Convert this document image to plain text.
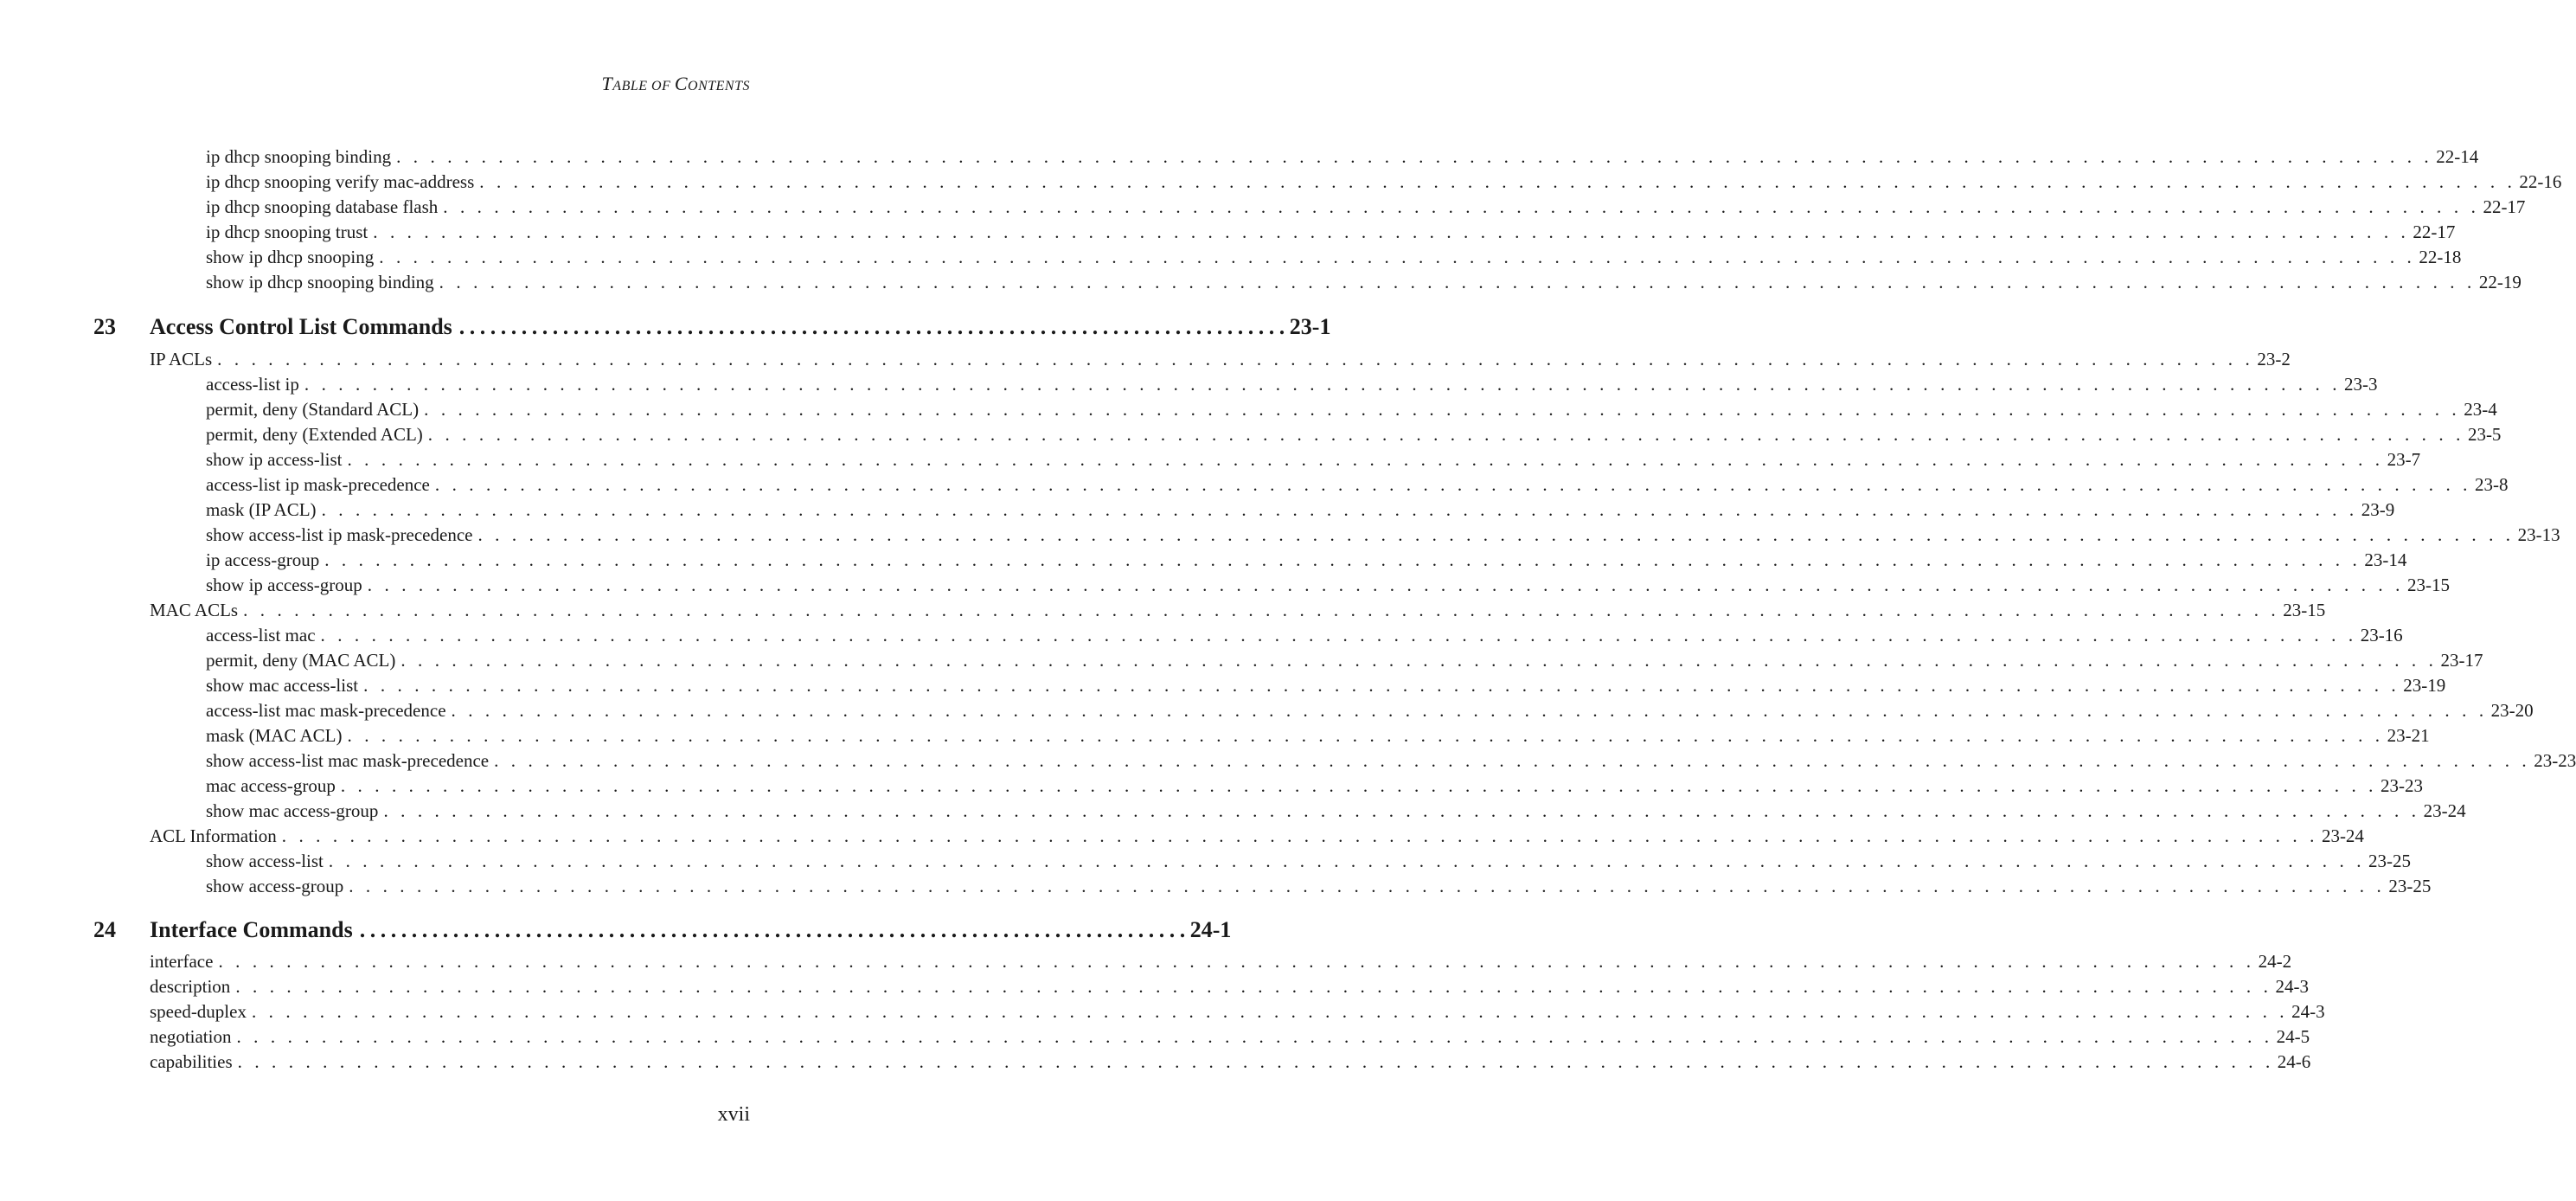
TABLE OF CONTENTS
ip dhcp snooping binding . . . . . . . . . . . . . . . . . . . . . . . . . . . . . . . . . . . . . . . . . . . . . . . . . . . . . . . . . . . . . . . . . . . . . . . . . . . . . . . . . . . . . . . . . . . . . . . . . . . . . . . . . . . . . . . . . . . . . . . . 22-14
ip dhcp snooping verify mac-address . . . . . . . . . . . . . . . . . . . . . . . . . . . . . . . . . . . . . . . . . . . . . . . . . . . . . . . . . . . . . . . . . . . . . . . . . . . . . . . . . . . . . . . . . . . . . . . . . . . . . . . . . . . . . . . . . . . . . . . . 22-16
ip dhcp snooping database flash . . . . . . . . . . . . . . . . . . . . . . . . . . . . . . . . . . . . . . . . . . . . . . . . . . . . . . . . . . . . . . . . . . . . . . . . . . . . . . . . . . . . . . . . . . . . . . . . . . . . . . . . . . . . . . . . . . . . . . . . 22-17
ip dhcp snooping trust . . . . . . . . . . . . . . . . . . . . . . . . . . . . . . . . . . . . . . . . . . . . . . . . . . . . . . . . . . . . . . . . . . . . . . . . . . . . . . . . . . . . . . . . . . . . . . . . . . . . . . . . . . . . . . . . . . . . . . . . 22-17
show ip dhcp snooping . . . . . . . . . . . . . . . . . . . . . . . . . . . . . . . . . . . . . . . . . . . . . . . . . . . . . . . . . . . . . . . . . . . . . . . . . . . . . . . . . . . . . . . . . . . . . . . . . . . . . . . . . . . . . . . . . . . . . . . . 22-18
show ip dhcp snooping binding . . . . . . . . . . . . . . . . . . . . . . . . . . . . . . . . . . . . . . . . . . . . . . . . . . . . . . . . . . . . . . . . . . . . . . . . . . . . . . . . . . . . . . . . . . . . . . . . . . . . . . . . . . . . . . . . . . . . . . . . 22-19
23	Access Control List Commands ................................................................................ 23-1
IP ACLs . . . . . . . . . . . . . . . . . . . . . . . . . . . . . . . . . . . . . . . . . . . . . . . . . . . . . . . . . . . . . . . . . . . . . . . . . . . . . . . . . . . . . . . . . . . . . . . . . . . . . . . . . . . . . . . . . . . . . . . . 23-2
access-list ip . . . . . . . . . . . . . . . . . . . . . . . . . . . . . . . . . . . . . . . . . . . . . . . . . . . . . . . . . . . . . . . . . . . . . . . . . . . . . . . . . . . . . . . . . . . . . . . . . . . . . . . . . . . . . . . . . . . . . . . . 23-3
permit, deny (Standard ACL) . . . . . . . . . . . . . . . . . . . . . . . . . . . . . . . . . . . . . . . . . . . . . . . . . . . . . . . . . . . . . . . . . . . . . . . . . . . . . . . . . . . . . . . . . . . . . . . . . . . . . . . . . . . . . . . . . . . . . . . . 23-4
permit, deny (Extended ACL) . . . . . . . . . . . . . . . . . . . . . . . . . . . . . . . . . . . . . . . . . . . . . . . . . . . . . . . . . . . . . . . . . . . . . . . . . . . . . . . . . . . . . . . . . . . . . . . . . . . . . . . . . . . . . . . . . . . . . . . . 23-5
show ip access-list . . . . . . . . . . . . . . . . . . . . . . . . . . . . . . . . . . . . . . . . . . . . . . . . . . . . . . . . . . . . . . . . . . . . . . . . . . . . . . . . . . . . . . . . . . . . . . . . . . . . . . . . . . . . . . . . . . . . . . . . 23-7
access-list ip mask-precedence . . . . . . . . . . . . . . . . . . . . . . . . . . . . . . . . . . . . . . . . . . . . . . . . . . . . . . . . . . . . . . . . . . . . . . . . . . . . . . . . . . . . . . . . . . . . . . . . . . . . . . . . . . . . . . . . . . . . . . . . 23-8
mask (IP ACL) . . . . . . . . . . . . . . . . . . . . . . . . . . . . . . . . . . . . . . . . . . . . . . . . . . . . . . . . . . . . . . . . . . . . . . . . . . . . . . . . . . . . . . . . . . . . . . . . . . . . . . . . . . . . . . . . . . . . . . . . 23-9
show access-list ip mask-precedence . . . . . . . . . . . . . . . . . . . . . . . . . . . . . . . . . . . . . . . . . . . . . . . . . . . . . . . . . . . . . . . . . . . . . . . . . . . . . . . . . . . . . . . . . . . . . . . . . . . . . . . . . . . . . . . . . . . . . . . . 23-13
ip access-group . . . . . . . . . . . . . . . . . . . . . . . . . . . . . . . . . . . . . . . . . . . . . . . . . . . . . . . . . . . . . . . . . . . . . . . . . . . . . . . . . . . . . . . . . . . . . . . . . . . . . . . . . . . . . . . . . . . . . . . . 23-14
show ip access-group . . . . . . . . . . . . . . . . . . . . . . . . . . . . . . . . . . . . . . . . . . . . . . . . . . . . . . . . . . . . . . . . . . . . . . . . . . . . . . . . . . . . . . . . . . . . . . . . . . . . . . . . . . . . . . . . . . . . . . . . 23-15
MAC ACLs . . . . . . . . . . . . . . . . . . . . . . . . . . . . . . . . . . . . . . . . . . . . . . . . . . . . . . . . . . . . . . . . . . . . . . . . . . . . . . . . . . . . . . . . . . . . . . . . . . . . . . . . . . . . . . . . . . . . . . . . 23-15
access-list mac . . . . . . . . . . . . . . . . . . . . . . . . . . . . . . . . . . . . . . . . . . . . . . . . . . . . . . . . . . . . . . . . . . . . . . . . . . . . . . . . . . . . . . . . . . . . . . . . . . . . . . . . . . . . . . . . . . . . . . . . 23-16
permit, deny (MAC ACL) . . . . . . . . . . . . . . . . . . . . . . . . . . . . . . . . . . . . . . . . . . . . . . . . . . . . . . . . . . . . . . . . . . . . . . . . . . . . . . . . . . . . . . . . . . . . . . . . . . . . . . . . . . . . . . . . . . . . . . . . 23-17
show mac access-list . . . . . . . . . . . . . . . . . . . . . . . . . . . . . . . . . . . . . . . . . . . . . . . . . . . . . . . . . . . . . . . . . . . . . . . . . . . . . . . . . . . . . . . . . . . . . . . . . . . . . . . . . . . . . . . . . . . . . . . . 23-19
access-list mac mask-precedence . . . . . . . . . . . . . . . . . . . . . . . . . . . . . . . . . . . . . . . . . . . . . . . . . . . . . . . . . . . . . . . . . . . . . . . . . . . . . . . . . . . . . . . . . . . . . . . . . . . . . . . . . . . . . . . . . . . . . . . . 23-20
mask (MAC ACL) . . . . . . . . . . . . . . . . . . . . . . . . . . . . . . . . . . . . . . . . . . . . . . . . . . . . . . . . . . . . . . . . . . . . . . . . . . . . . . . . . . . . . . . . . . . . . . . . . . . . . . . . . . . . . . . . . . . . . . . . 23-21
show access-list mac mask-precedence . . . . . . . . . . . . . . . . . . . . . . . . . . . . . . . . . . . . . . . . . . . . . . . . . . . . . . . . . . . . . . . . . . . . . . . . . . . . . . . . . . . . . . . . . . . . . . . . . . . . . . . . . . . . . . . . . . . . . . . . 23-23
mac access-group . . . . . . . . . . . . . . . . . . . . . . . . . . . . . . . . . . . . . . . . . . . . . . . . . . . . . . . . . . . . . . . . . . . . . . . . . . . . . . . . . . . . . . . . . . . . . . . . . . . . . . . . . . . . . . . . . . . . . . . . 23-23
show mac access-group . . . . . . . . . . . . . . . . . . . . . . . . . . . . . . . . . . . . . . . . . . . . . . . . . . . . . . . . . . . . . . . . . . . . . . . . . . . . . . . . . . . . . . . . . . . . . . . . . . . . . . . . . . . . . . . . . . . . . . . . 23-24
ACL Information . . . . . . . . . . . . . . . . . . . . . . . . . . . . . . . . . . . . . . . . . . . . . . . . . . . . . . . . . . . . . . . . . . . . . . . . . . . . . . . . . . . . . . . . . . . . . . . . . . . . . . . . . . . . . . . . . . . . . . . . 23-24
show access-list . . . . . . . . . . . . . . . . . . . . . . . . . . . . . . . . . . . . . . . . . . . . . . . . . . . . . . . . . . . . . . . . . . . . . . . . . . . . . . . . . . . . . . . . . . . . . . . . . . . . . . . . . . . . . . . . . . . . . . . . 23-25
show access-group . . . . . . . . . . . . . . . . . . . . . . . . . . . . . . . . . . . . . . . . . . . . . . . . . . . . . . . . . . . . . . . . . . . . . . . . . . . . . . . . . . . . . . . . . . . . . . . . . . . . . . . . . . . . . . . . . . . . . . . . 23-25
24	Interface Commands ................................................................................ 24-1
interface . . . . . . . . . . . . . . . . . . . . . . . . . . . . . . . . . . . . . . . . . . . . . . . . . . . . . . . . . . . . . . . . . . . . . . . . . . . . . . . . . . . . . . . . . . . . . . . . . . . . . . . . . . . . . . . . . . . . . . . . 24-2
description . . . . . . . . . . . . . . . . . . . . . . . . . . . . . . . . . . . . . . . . . . . . . . . . . . . . . . . . . . . . . . . . . . . . . . . . . . . . . . . . . . . . . . . . . . . . . . . . . . . . . . . . . . . . . . . . . . . . . . . . 24-3
speed-duplex . . . . . . . . . . . . . . . . . . . . . . . . . . . . . . . . . . . . . . . . . . . . . . . . . . . . . . . . . . . . . . . . . . . . . . . . . . . . . . . . . . . . . . . . . . . . . . . . . . . . . . . . . . . . . . . . . . . . . . . . 24-3
negotiation . . . . . . . . . . . . . . . . . . . . . . . . . . . . . . . . . . . . . . . . . . . . . . . . . . . . . . . . . . . . . . . . . . . . . . . . . . . . . . . . . . . . . . . . . . . . . . . . . . . . . . . . . . . . . . . . . . . . . . . . 24-5
capabilities . . . . . . . . . . . . . . . . . . . . . . . . . . . . . . . . . . . . . . . . . . . . . . . . . . . . . . . . . . . . . . . . . . . . . . . . . . . . . . . . . . . . . . . . . . . . . . . . . . . . . . . . . . . . . . . . . . . . . . . . 24-6
xvii
